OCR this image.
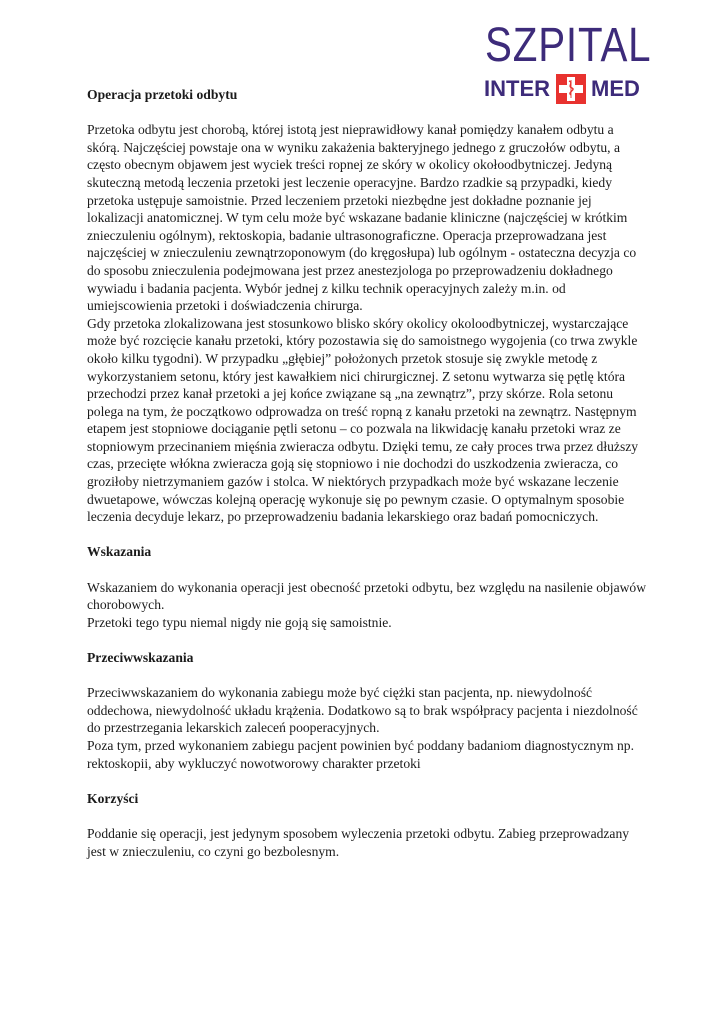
SZPITAL
INTER MED
Operacja przetoki odbytu

Przetoka odbytu jest chorobą, której istotą jest nieprawidłowy kanał pomiędzy kanałem odbytu a skórą. Najczęściej powstaje ona w wyniku zakażenia bakteryjnego jednego z gruczołów odbytu, a często obecnym objawem jest wyciek treści ropnej ze skóry w okolicy okołoodbytniczej. Jedyną skuteczną metodą leczenia przetoki jest leczenie operacyjne. Bardzo rzadkie są przypadki, kiedy przetoka ustępuje samoistnie. Przed leczeniem przetoki niezbędne jest dokładne poznanie jej lokalizacji anatomicznej. W tym celu może być wskazane badanie kliniczne (najczęściej w krótkim znieczuleniu ogólnym), rektoskopia, badanie ultrasonograficzne. Operacja przeprowadzana jest najczęściej w znieczuleniu zewnątrzoponowym (do kręgosłupa) lub ogólnym - ostateczna decyzja co do sposobu znieczulenia podejmowana jest przez anestezjologa po przeprowadzeniu dokładnego wywiadu i badania pacjenta. Wybór jednej z kilku technik operacyjnych zależy m.in. od umiejscowienia przetoki i doświadczenia chirurga.

Gdy przetoka zlokalizowana jest stosunkowo blisko skóry okolicy okoloodbytniczej, wystarczające może być rozcięcie kanału przetoki, który pozostawia się do samoistnego wygojenia (co trwa zwykle około kilku tygodni). W przypadku „głębiej” położonych przetok stosuje się zwykle metodę z wykorzystaniem setonu, który jest kawałkiem nici chirurgicznej. Z setonu wytwarza się pętlę która przechodzi przez kanał przetoki a jej końce związane są „na zewnątrz”, przy skórze. Rola setonu polega na tym, że początkowo odprowadza on treść ropną z kanału przetoki na zewnątrz. Następnym etapem jest stopniowe dociąganie pętli setonu – co pozwala na likwidację kanału przetoki wraz ze stopniowym przecinaniem mięśnia zwieracza odbytu. Dzięki temu, ze cały proces trwa przez dłuższy czas, przecięte włókna zwieracza goją się stopniowo i nie dochodzi do uszkodzenia zwieracza, co groziłoby nietrzymaniem gazów i stolca. W niektórych przypadkach może być wskazane leczenie dwuetapowe, wówczas kolejną operację wykonuje się po pewnym czasie. O optymalnym sposobie leczenia decyduje lekarz, po przeprowadzeniu badania lekarskiego oraz badań pomocniczych.

Wskazania

Wskazaniem do wykonania operacji jest obecność przetoki odbytu, bez względu na nasilenie objawów chorobowych.

Przetoki tego typu niemal nigdy nie goją się samoistnie.

Przeciwwskazania

Przeciwwskazaniem do wykonania zabiegu może być ciężki stan pacjenta, np. niewydolność oddechowa, niewydolność układu krążenia. Dodatkowo są to brak współpracy pacjenta i niezdolność do przestrzegania lekarskich zaleceń pooperacyjnych.

Poza tym, przed wykonaniem zabiegu pacjent powinien być poddany badaniom diagnostycznym np. rektoskopii, aby wykluczyć nowotworowy charakter przetoki

Korzyści

Poddanie się operacji, jest jedynym sposobem wyleczenia przetoki odbytu. Zabieg przeprowadzany jest w znieczuleniu, co czyni go bezbolesnym.
